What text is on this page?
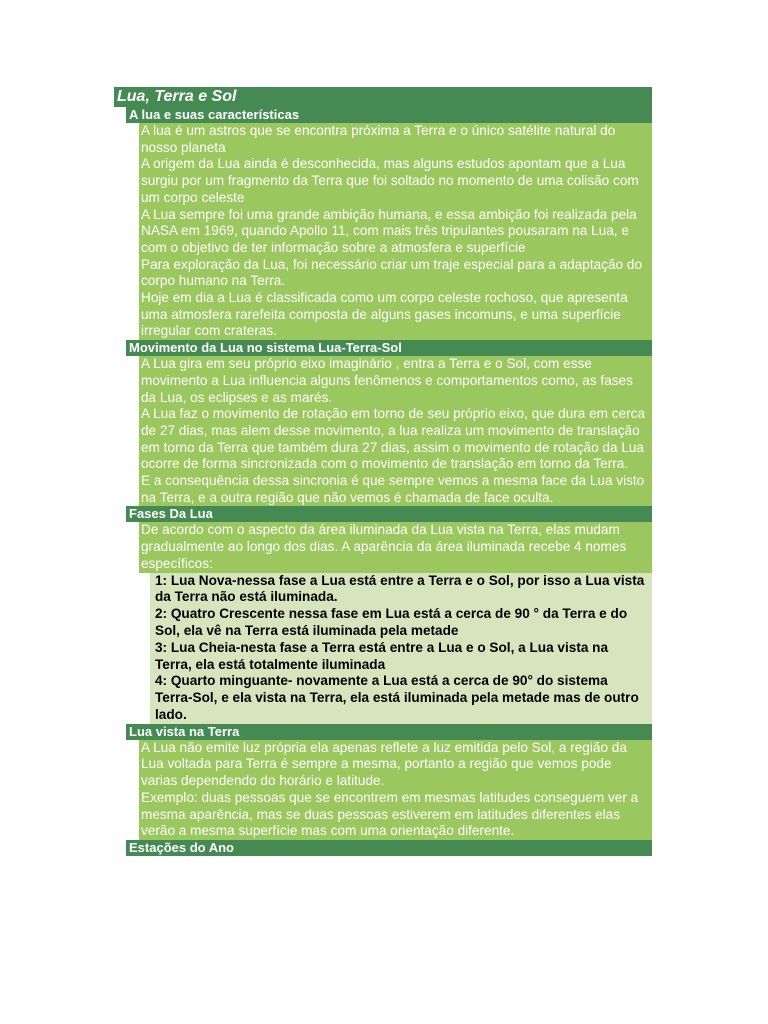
Lua, Terra e Sol
A lua e suas características

A lua é um astros que se encontra próxima a Terra e o único satélite natural do nosso planeta

A origem da Lua ainda é desconhecida, mas alguns estudos apontam que a Lua surgiu por um fragmento da Terra que foi soltado no momento de uma colisão com um corpo celeste

A Lua sempre foi uma grande ambição humana, e essa ambição foi realizada pela NASA em 1969, quando Apollo 11, com mais três tripulantes pousaram na Lua, e com o objetivo de ter informação sobre a atmosfera e superfície

Para exploração da Lua, foi necessário criar um traje especial para a adaptação do corpo humano na Terra.

Hoje em dia a Lua é classificada como um corpo celeste rochoso, que apresenta uma atmosfera rarefeita composta de alguns gases incomuns, e uma superfície irregular com crateras.

Movimento da Lua no sistema Lua-Terra-Sol

A Lua gira em seu próprio eixo imaginário , entra a Terra e o Sol, com esse movimento a Lua influencia alguns fenômenos e comportamentos como, as fases da Lua, os eclipses e as marés.

A Lua faz o movimento de rotação em torno de seu próprio eixo, que dura em cerca de 27 dias, mas alem desse movimento, a lua realiza um movimento de translação em torno da Terra que também dura 27 dias, assim o movimento de rotação da Lua ocorre de forma sincronizada com o movimento de translação em torno da Terra.

E a consequência dessa sincronia é que sempre vemos a mesma face da Lua visto na Terra, e a outra região que não vemos é chamada de face oculta.

Fases Da Lua

De acordo com o aspecto da área iluminada da Lua vista na Terra, elas mudam gradualmente ao longo dos dias. A aparência da área iluminada recebe 4 nomes específicos:

1: Lua Nova-nessa fase a Lua está entre a Terra e o Sol, por isso a Lua vista da Terra não está iluminada.

2: Quatro Crescente nessa fase em Lua está a cerca de 90 ° da Terra e do Sol, ela vê na Terra está iluminada pela metade

3: Lua Cheia-nesta fase a Terra está entre a Lua e o Sol, a Lua vista na Terra, ela está totalmente iluminada

4: Quarto minguante- novamente a Lua está a cerca de 90° do sistema Terra-Sol, e ela vista na Terra, ela está iluminada pela metade mas de outro lado.

Lua vista na Terra

A Lua não emite luz própria ela apenas reflete a luz emitida pelo Sol, a região da Lua voltada para Terra é sempre a mesma, portanto a região que vemos pode varias dependendo do horário e latitude.

Exemplo: duas pessoas que se encontrem em mesmas latitudes conseguem ver a mesma aparência, mas se duas pessoas estiverem em latitudes diferentes elas verão a mesma superfície mas com uma orientação diferente.

Estações do Ano
